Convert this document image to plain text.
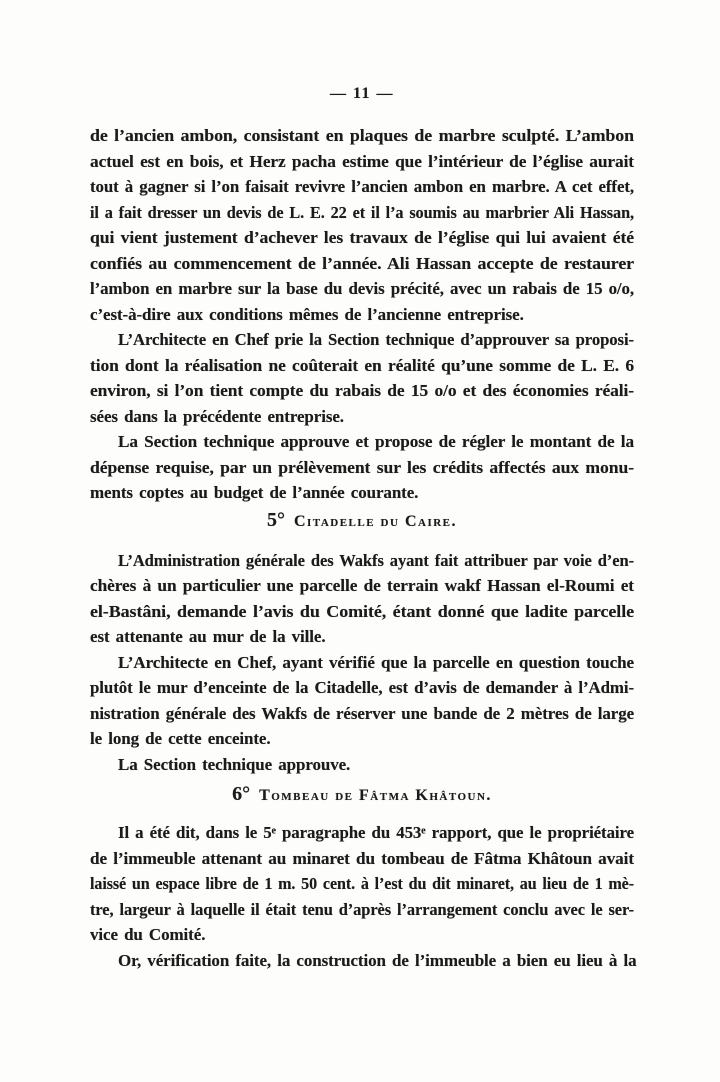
— 11 —
de l’ancien ambon, consistant en plaques de marbre sculpté. L’ambon
actuel est en bois, et Herz pacha estime que l’intérieur de l’église aurait
tout à gagner si l’on faisait revivre l’ancien ambon en marbre. A cet effet,
il a fait dresser un devis de L. E. 22 et il l’a soumis au marbrier Ali Hassan,
qui vient justement d’achever les travaux de l’église qui lui avaient été
confiés au commencement de l’année. Ali Hassan accepte de restaurer
l’ambon en marbre sur la base du devis précité, avec un rabais de 15 o/o,
c’est-à-dire aux conditions mêmes de l’ancienne entreprise.
L’Architecte en Chef prie la Section technique d’approuver sa proposi-
tion dont la réalisation ne coûterait en réalité qu’une somme de L. E. 6
environ, si l’on tient compte du rabais de 15 o/o et des économies réali-
sées dans la précédente entreprise.
La Section technique approuve et propose de régler le montant de la
dépense requise, par un prélèvement sur les crédits affectés aux monu-
ments coptes au budget de l’année courante.
5° Citadelle du Caire.
L’Administration générale des Wakfs ayant fait attribuer par voie d’en-
chères à un particulier une parcelle de terrain wakf Hassan el-Roumi et
el-Bastâni, demande l’avis du Comité, étant donné que ladite parcelle
est attenante au mur de la ville.
L’Architecte en Chef, ayant vérifié que la parcelle en question touche
plutôt le mur d’enceinte de la Citadelle, est d’avis de demander à l’Admi-
nistration générale des Wakfs de réserver une bande de 2 mètres de large
le long de cette enceinte.
La Section technique approuve.
6° Tombeau de Fâtma Khâtoun.
Il a été dit, dans le 5ᵉ paragraphe du 453ᵉ rapport, que le propriétaire
de l’immeuble attenant au minaret du tombeau de Fâtma Khâtoun avait
laissé un espace libre de 1 m. 50 cent. à l’est du dit minaret, au lieu de 1 mè-
tre, largeur à laquelle il était tenu d’après l’arrangement conclu avec le ser-
vice du Comité.
Or, vérification faite, la construction de l’immeuble a bien eu lieu à la
